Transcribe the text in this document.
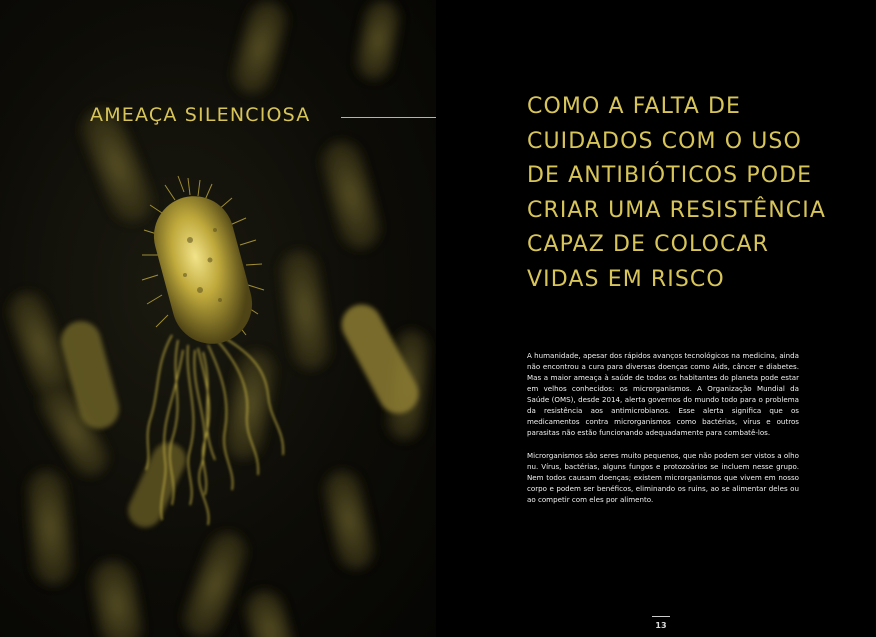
AMEAÇA SILENCIOSA	COMO A FALTA DE
CUIDADOS COM O USO
DE ANTIBIÓTICOS PODE
CRIAR UMA RESISTÊNCIA
CAPAZ DE COLOCAR
VIDAS EM RISCO

A humanidade, apesar dos rápidos avanços tecnológicos na medicina, ainda não encontrou a cura para diversas doenças como Aids, câncer e diabetes. Mas a maior ameaça à saúde de todos os habitantes do planeta pode estar em velhos conhecidos: os microrganismos. A Organização Mundial da Saúde (OMS), desde 2014, alerta governos do mundo todo para o problema da resistência aos antimicrobianos. Esse alerta significa que os medicamentos contra microrganismos como bactérias, vírus e outros parasitas não estão funcionando adequadamente para combatê-los.

Microrganismos são seres muito pequenos, que não podem ser vistos a olho nu. Vírus, bactérias, alguns fungos e protozoários se incluem nesse grupo. Nem todos causam doenças; existem microrganismos que vivem em nosso corpo e podem ser benéficos, eliminando os ruins, ao se alimentar deles ou ao competir com eles por alimento.

13
